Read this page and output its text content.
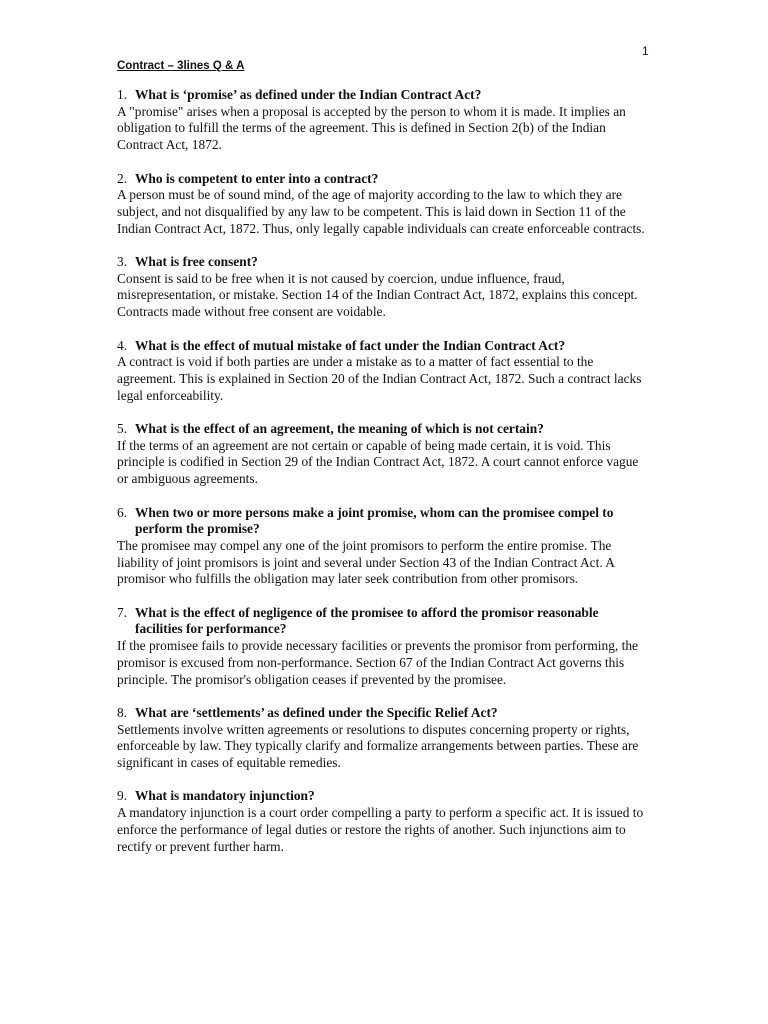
1
Contract – 3lines Q & A

1. What is ‘promise’ as defined under the Indian Contract Act?

A "promise" arises when a proposal is accepted by the person to whom it is made. It implies an obligation to fulfill the terms of the agreement. This is defined in Section 2(b) of the Indian Contract Act, 1872.

2. Who is competent to enter into a contract?

A person must be of sound mind, of the age of majority according to the law to which they are subject, and not disqualified by any law to be competent. This is laid down in Section 11 of the Indian Contract Act, 1872. Thus, only legally capable individuals can create enforceable contracts.

3. What is free consent?

Consent is said to be free when it is not caused by coercion, undue influence, fraud, misrepresentation, or mistake. Section 14 of the Indian Contract Act, 1872, explains this concept. Contracts made without free consent are voidable.

4. What is the effect of mutual mistake of fact under the Indian Contract Act?

A contract is void if both parties are under a mistake as to a matter of fact essential to the agreement. This is explained in Section 20 of the Indian Contract Act, 1872. Such a contract lacks legal enforceability.

5. What is the effect of an agreement, the meaning of which is not certain?

If the terms of an agreement are not certain or capable of being made certain, it is void. This principle is codified in Section 29 of the Indian Contract Act, 1872. A court cannot enforce vague or ambiguous agreements.

6. When two or more persons make a joint promise, whom can the promisee compel to perform the promise?

The promisee may compel any one of the joint promisors to perform the entire promise. The liability of joint promisors is joint and several under Section 43 of the Indian Contract Act. A promisor who fulfills the obligation may later seek contribution from other promisors.

7. What is the effect of negligence of the promisee to afford the promisor reasonable facilities for performance?

If the promisee fails to provide necessary facilities or prevents the promisor from performing, the promisor is excused from non-performance. Section 67 of the Indian Contract Act governs this principle. The promisor's obligation ceases if prevented by the promisee.

8. What are ‘settlements’ as defined under the Specific Relief Act?

Settlements involve written agreements or resolutions to disputes concerning property or rights, enforceable by law. They typically clarify and formalize arrangements between parties. These are significant in cases of equitable remedies.

9. What is mandatory injunction?

A mandatory injunction is a court order compelling a party to perform a specific act. It is issued to enforce the performance of legal duties or restore the rights of another. Such injunctions aim to rectify or prevent further harm.
